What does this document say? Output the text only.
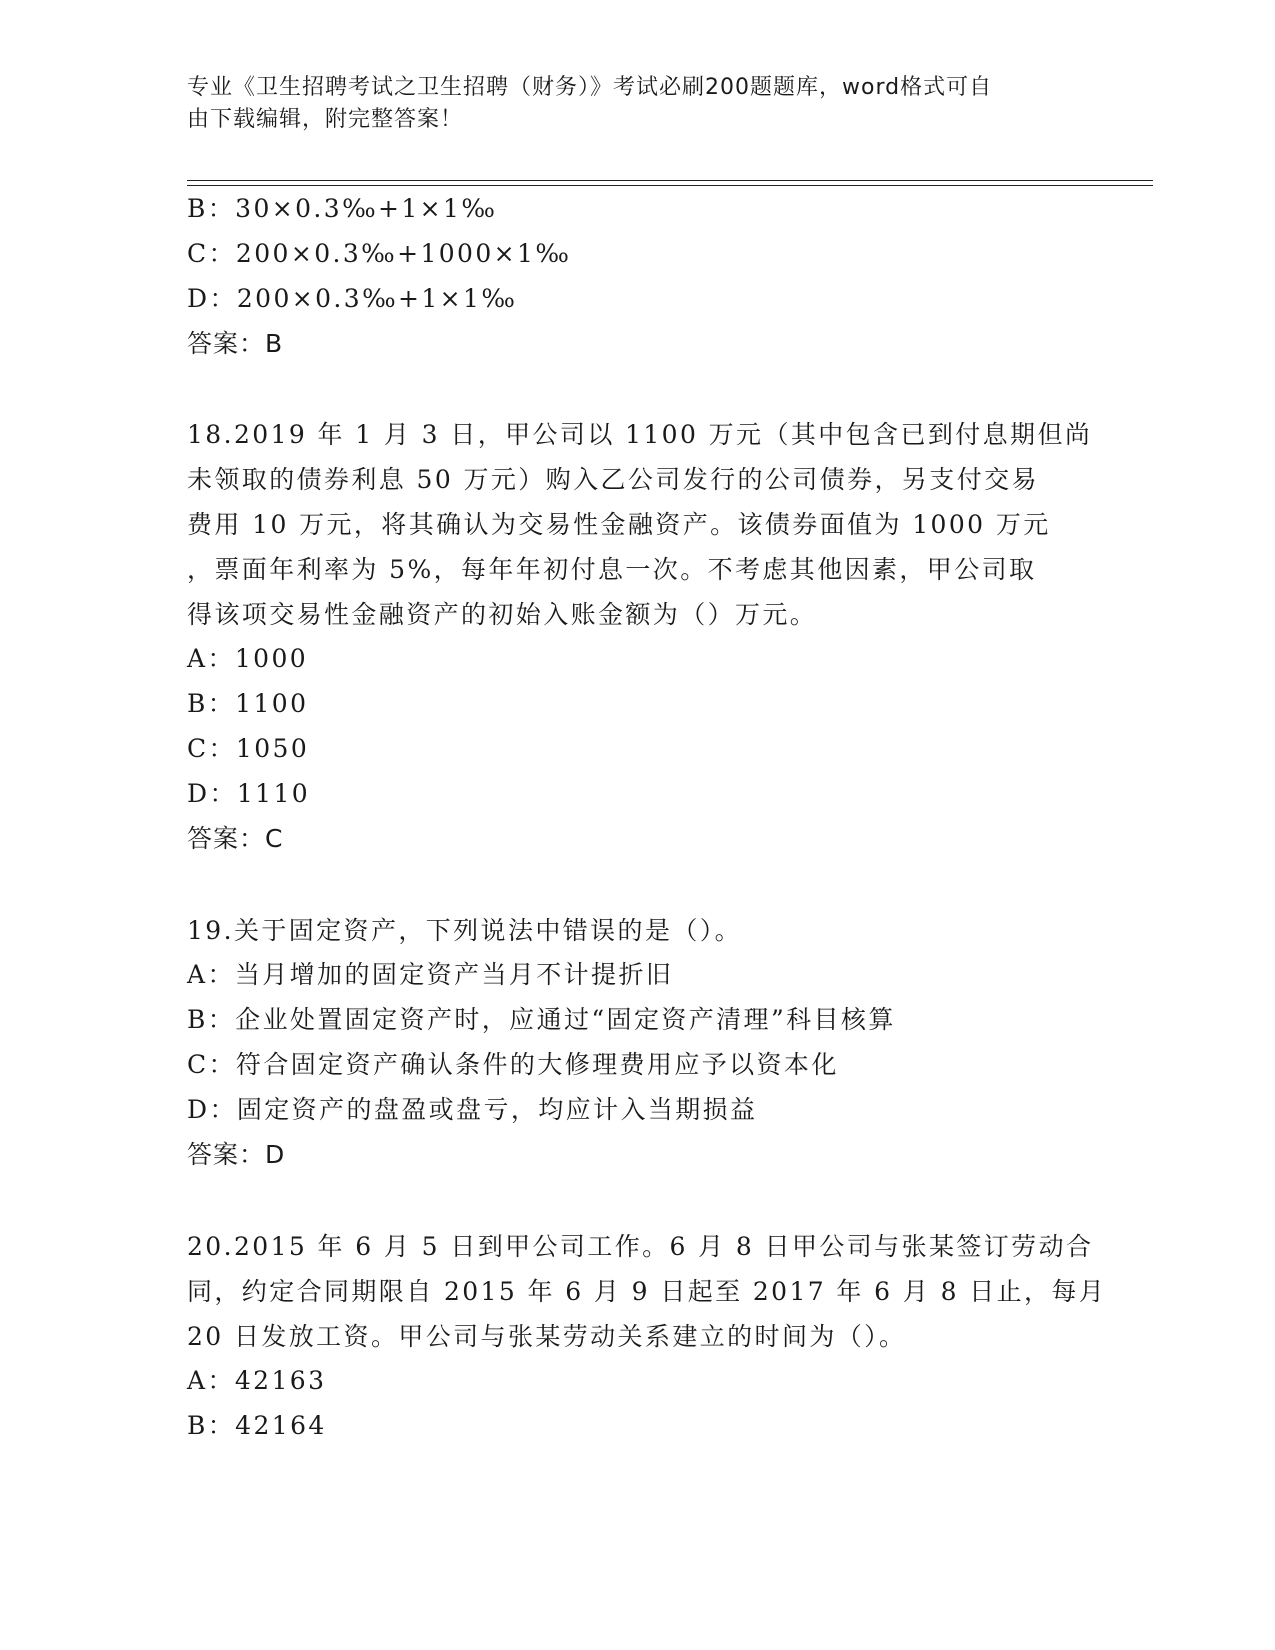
专业《卫生招聘考试之卫生招聘（财务）》考试必刷200题题库，word格式可自
由下载编辑，附完整答案！
B：30×0.3‰+1×1‰
C：200×0.3‰+1000×1‰
D：200×0.3‰+1×1‰
答案：B
18.2019 年 1 月 3 日，甲公司以 1100 万元（其中包含已到付息期但尚
未领取的债券利息 50 万元）购入乙公司发行的公司债券，另支付交易
费用 10 万元，将其确认为交易性金融资产。该债券面值为 1000 万元
，票面年利率为 5%，每年年初付息一次。不考虑其他因素，甲公司取
得该项交易性金融资产的初始入账金额为（）万元。
A：1000
B：1100
C：1050
D：1110
答案：C
19.关于固定资产，下列说法中错误的是（）。
A：当月增加的固定资产当月不计提折旧
B：企业处置固定资产时，应通过“固定资产清理”科目核算
C：符合固定资产确认条件的大修理费用应予以资本化
D：固定资产的盘盈或盘亏，均应计入当期损益
答案：D
20.2015 年 6 月 5 日到甲公司工作。6 月 8 日甲公司与张某签订劳动合
同，约定合同期限自 2015 年 6 月 9 日起至 2017 年 6 月 8 日止，每月
20 日发放工资。甲公司与张某劳动关系建立的时间为（）。
A：42163
B：42164
